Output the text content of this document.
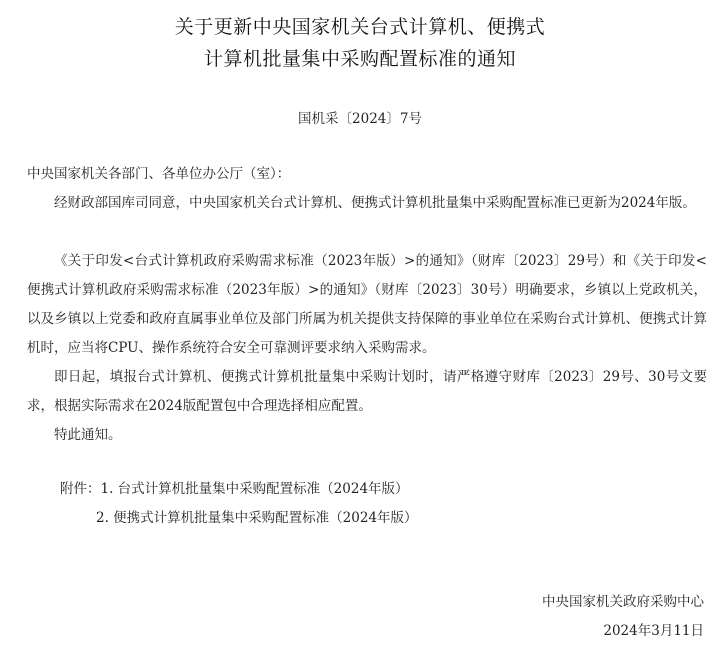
关于更新中央国家机关台式计算机、便携式
计算机批量集中采购配置标准的通知
国机采〔2024〕7号
中央国家机关各部门、各单位办公厅（室）：
经财政部国库司同意，中央国家机关台式计算机、便携式计算机批量集中采购配置标准已更新为2024年版。
《关于印发<台式计算机政府采购需求标准（2023年版）>的通知》（财库〔2023〕29号）和《关于印发<便携式计算机政府采购需求标准（2023年版）>的通知》（财库〔2023〕30号）明确要求，乡镇以上党政机关，以及乡镇以上党委和政府直属事业单位及部门所属为机关提供支持保障的事业单位在采购台式计算机、便携式计算机时，应当将CPU、操作系统符合安全可靠测评要求纳入采购需求。
即日起，填报台式计算机、便携式计算机批量集中采购计划时，请严格遵守财库〔2023〕29号、30号文要求，根据实际需求在2024版配置包中合理选择相应配置。
特此通知。
附件：1. 台式计算机批量集中采购配置标准（2024年版）
2. 便携式计算机批量集中采购配置标准（2024年版）
中央国家机关政府采购中心
2024年3月11日
